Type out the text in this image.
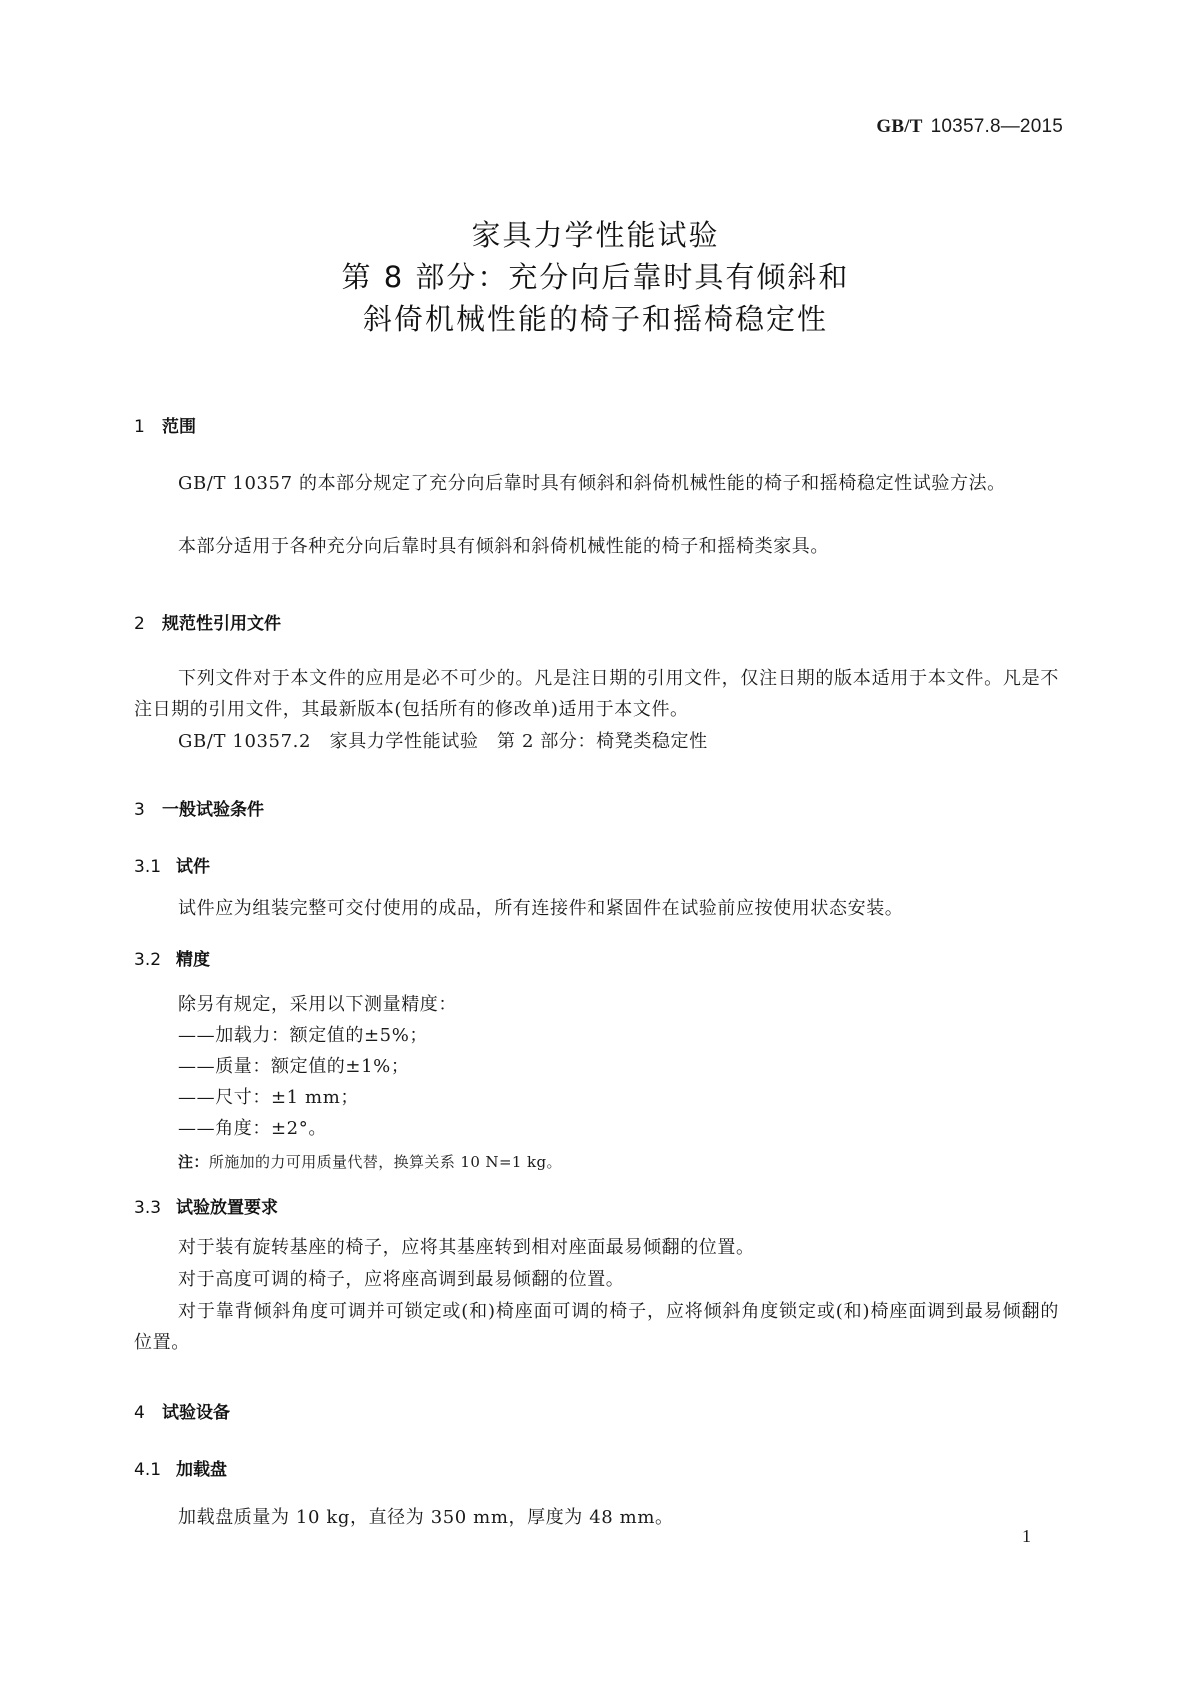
GB/T 10357.8—2015
家具力学性能试验
第 8 部分：充分向后靠时具有倾斜和
斜倚机械性能的椅子和摇椅稳定性
1 范围
GB/T 10357 的本部分规定了充分向后靠时具有倾斜和斜倚机械性能的椅子和摇椅稳定性试验方法。
本部分适用于各种充分向后靠时具有倾斜和斜倚机械性能的椅子和摇椅类家具。
2 规范性引用文件
下列文件对于本文件的应用是必不可少的。凡是注日期的引用文件，仅注日期的版本适用于本文件。凡是不注日期的引用文件，其最新版本(包括所有的修改单)适用于本文件。
GB/T 10357.2　家具力学性能试验　第 2 部分：椅凳类稳定性
3 一般试验条件
3.1 试件
试件应为组装完整可交付使用的成品，所有连接件和紧固件在试验前应按使用状态安装。
3.2 精度
除另有规定，采用以下测量精度：
——加载力：额定值的±5%；
——质量：额定值的±1%；
——尺寸：±1 mm；
——角度：±2°。
注：所施加的力可用质量代替，换算关系 10 N=1 kg。
3.3 试验放置要求
对于装有旋转基座的椅子，应将其基座转到相对座面最易倾翻的位置。
对于高度可调的椅子，应将座高调到最易倾翻的位置。
对于靠背倾斜角度可调并可锁定或(和)椅座面可调的椅子，应将倾斜角度锁定或(和)椅座面调到最易倾翻的位置。
4 试验设备
4.1 加载盘
加载盘质量为 10 kg，直径为 350 mm，厚度为 48 mm。
1
